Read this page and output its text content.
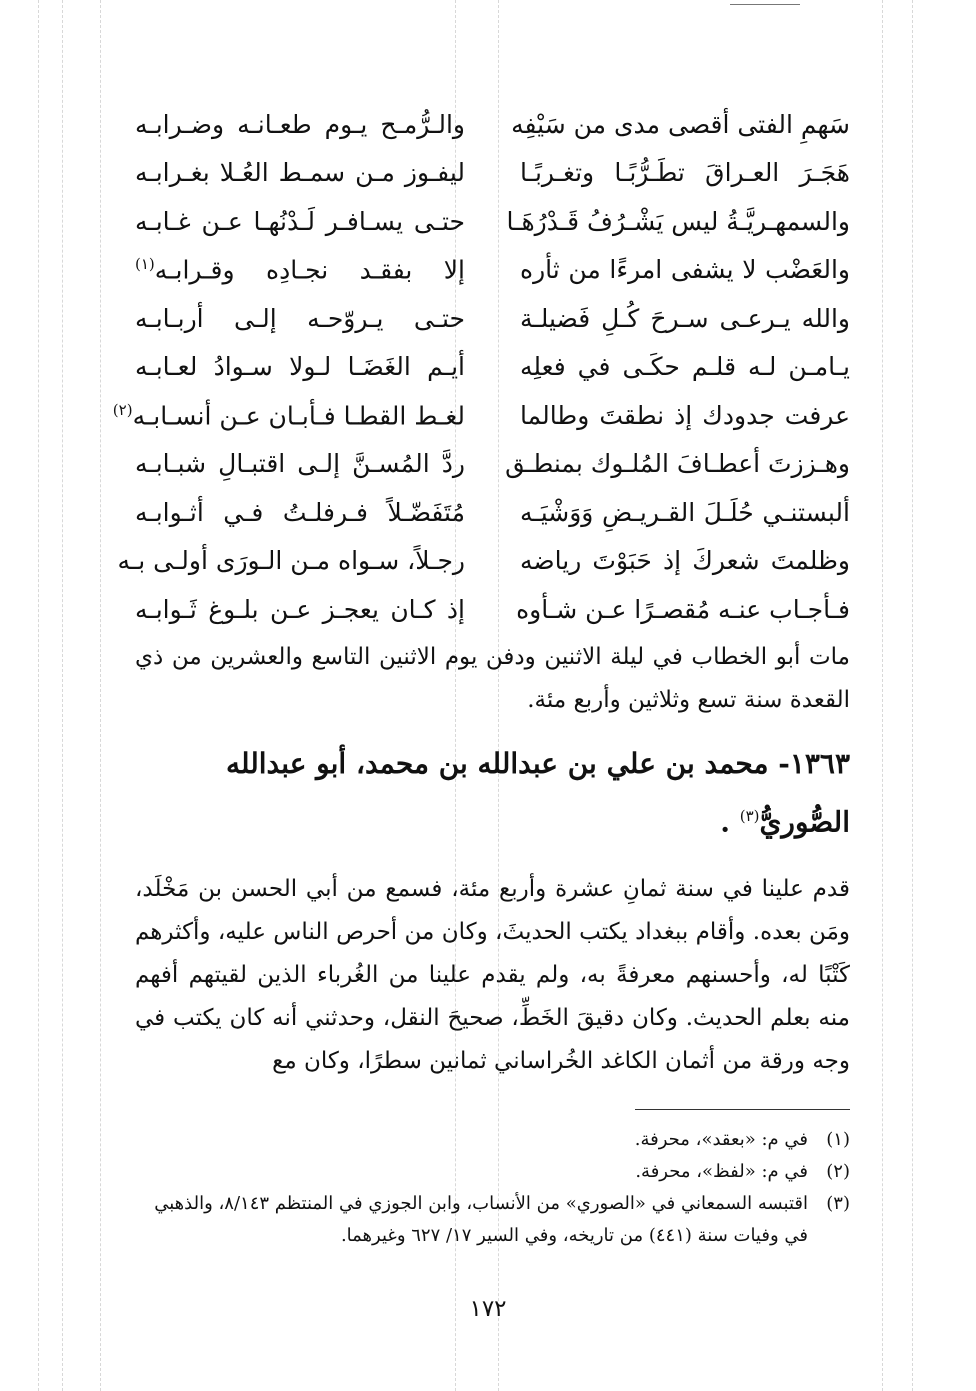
سَهمِ الفتى أقصى مدى من سَيْفِه
والـرُّمـح يـوم طعـانـه وضـرابـه
هَجَـرَ العـراقَ تطَـرُّبًـا وتغـربًـا
ليفـوز مـن سمـط العُـلا بغـرابـه
والسمهـريَّـةُ ليس يَشْـرُفُ قَـدْرُهَـا
حتـى يسـافـر لَـدْنُهـا عـن غـابـه
والعَضْب لا يشفى امرءًا من ثأره
إلا بفقـد نجـادِه وقـرابـه$^{(١)}$
والله يـرعـى سـرحَ كُـلِ فَضيلـة
حتـى يـروّحـه إلـى أربـابـه
يـامـن لـه قلـم حكَـى في فعلِه
أيـم الغَضَـا لـولا سـوادُ لعـابـه
عرفت جدودك إذ نطقتَ وطالما
لغـط القطـا فـأبـان عـن أنسـابـه$^{(٢)}$
وهـززتَ أعطـافَ المُلـوك بمنطـق
ردَّ المُسـنَّ إلـى اقتبـالِ شبـابـه
ألبستنـي حُلَـلَ القـريـضِ وَوَشْيَـه
مُتَفَضّـلاً فـرفلـتُ فـي أثـوابـه
وظلمتَ شعركَ إذ حَبَوْتَ رياضه
رجـلاً، سـواه مـن الـورَى أولـى بـه
فـأجـاب عنـه مُقصـرًا عـن شـأوه
إذ كـان يعجـز عـن بلـوغ ثَـوابـه

مات أبو الخطاب في ليلة الاثنين ودفن يوم الاثنين التاسع والعشرين من ذي القعدة سنة تسع وثلاثين وأربع مئة.

١٣٦٣- محمد بن علي بن عبدالله بن محمد، أبو عبدالله الصُّوريُّ$^{(٣)}$ .

قدم علينا في سنة ثمانِ عشرة وأربع مئة، فسمع من أبي الحسن بن مَخْلَد، ومَن بعده. وأقام ببغداد يكتب الحديثَ، وكان من أحرص الناس عليه، وأكثرهم كَتْبًا له، وأحسنهم معرفةً به، ولم يقدم علينا من الغُرباء الذين لقيتهم أفهم منه بعلم الحديث. وكان دقيقَ الخَطِّ، صحيحَ النقل، وحدثني أنه كان يكتب في وجه ورقة من أثمان الكاغد الخُراساني ثمانين سطرًا، وكان مع

(١)
في م: «بعقد»، محرفة.
(٢)
في م: «لفظ»، محرفة.
(٣)
اقتبسه السمعاني في «الصوري» من الأنساب، وابن الجوزي في المنتظم ٨/١٤٣، والذهبي في وفيات سنة (٤٤١) من تاريخه، وفي السير ١٧/ ٦٢٧ وغيرهما.
١٧٢
